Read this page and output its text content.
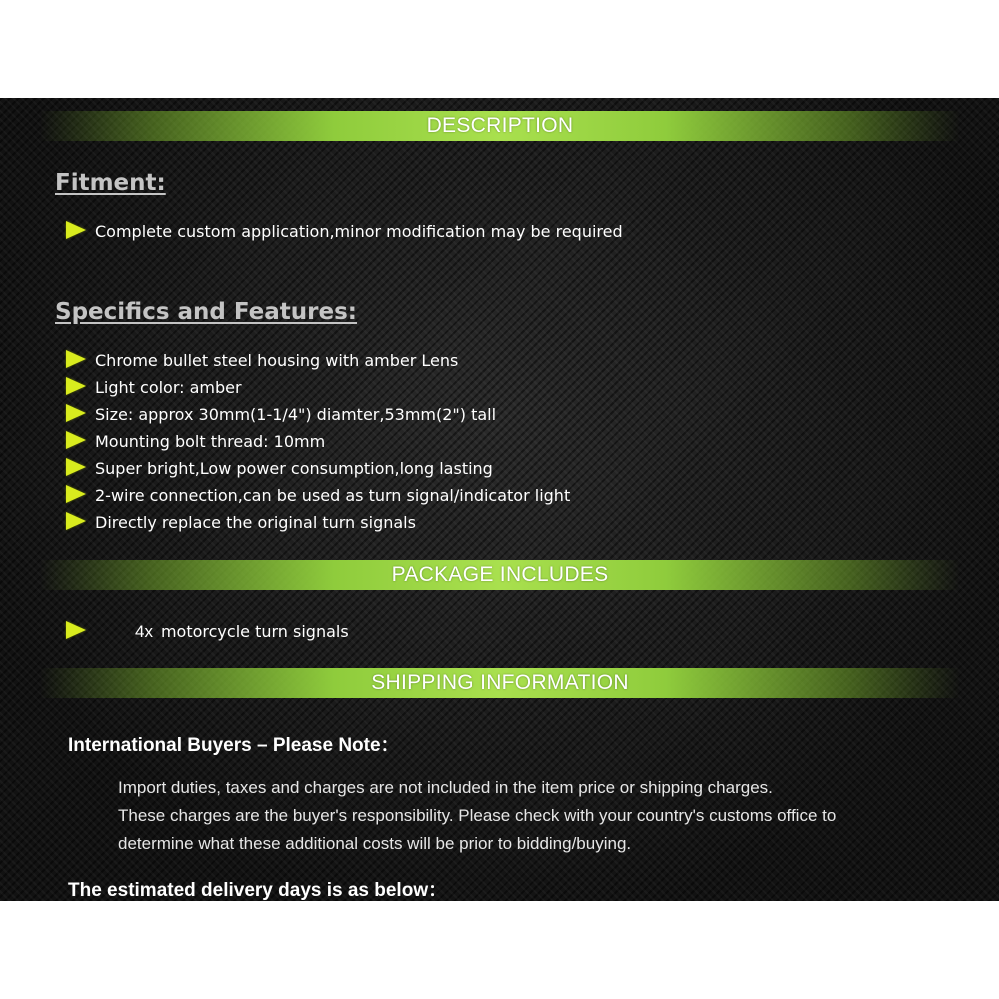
DESCRIPTION
Fitment:
Complete custom application,minor modification may be required
Specifics and Features:
Chrome bullet steel housing with amber Lens
Light color: amber
Size: approx 30mm(1-1/4") diamter,53mm(2") tall
Mounting bolt thread: 10mm
Super bright,Low power consumption,long lasting
2-wire connection,can be used as turn signal/indicator light
Directly replace the original turn signals
PACKAGE INCLUDES
4x motorcycle turn signals
SHIPPING INFORMATION
International Buyers – Please Note：
Import duties, taxes and charges are not included in the item price or shipping charges.
These charges are the buyer's responsibility. Please check with your country's customs office to
determine what these additional costs will be prior to bidding/buying.
The estimated delivery days is as below：
